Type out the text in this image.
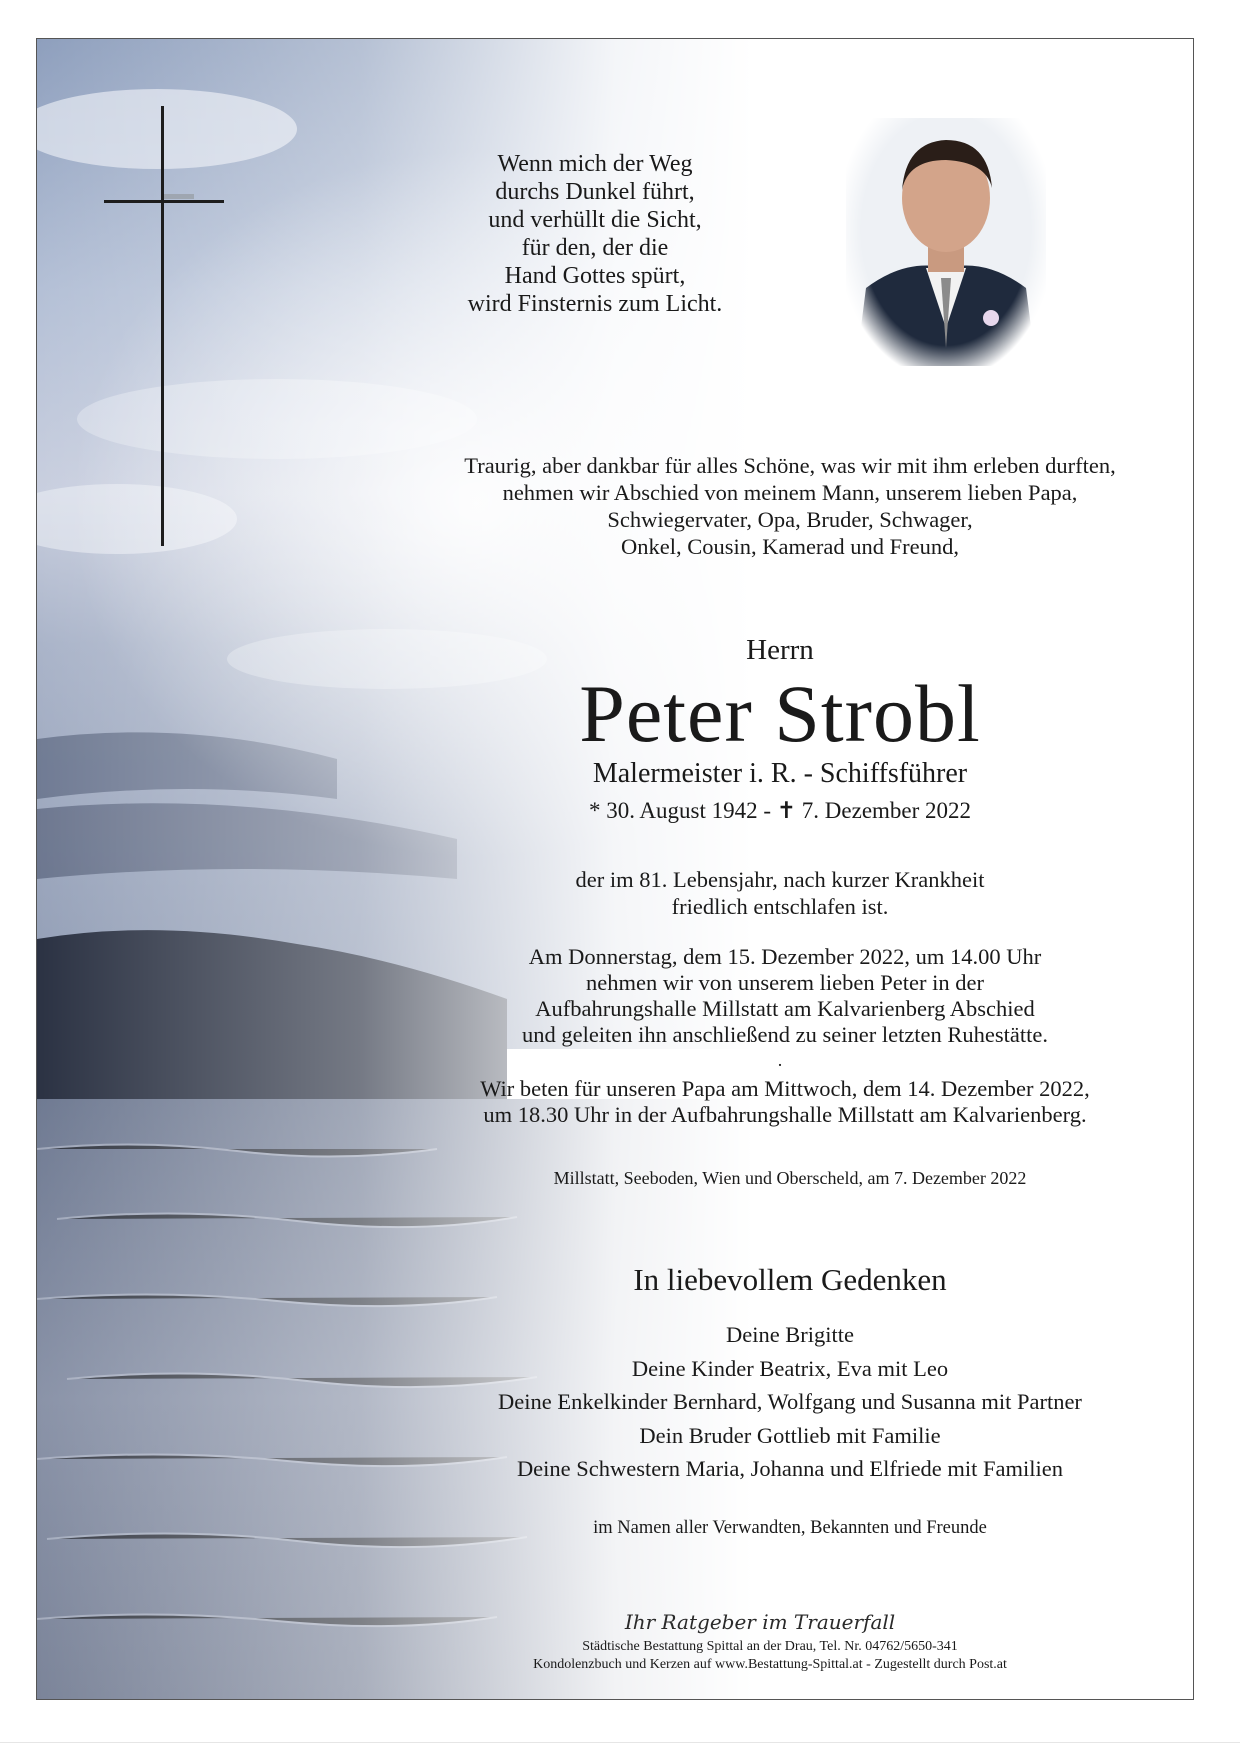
Wenn mich der Weg
durchs Dunkel führt,
und verhüllt die Sicht,
für den, der die
Hand Gottes spürt,
wird Finsternis zum Licht.
Traurig, aber dankbar für alles Schöne, was wir mit ihm erleben durften,
nehmen wir Abschied von meinem Mann, unserem lieben Papa,
Schwiegervater, Opa, Bruder, Schwager,
Onkel, Cousin, Kamerad und Freund,
Herrn
Peter Strobl
Malermeister i. R. - Schiffsführer
* 30. August 1942 - ✝ 7. Dezember 2022
der im 81. Lebensjahr, nach kurzer Krankheit
friedlich entschlafen ist.
Am Donnerstag, dem 15. Dezember 2022, um 14.00 Uhr
nehmen wir von unserem lieben Peter in der
Aufbahrungshalle Millstatt am Kalvarienberg Abschied
und geleiten ihn anschließend zu seiner letzten Ruhestätte.
.
Wir beten für unseren Papa am Mittwoch, dem 14. Dezember 2022,
um 18.30 Uhr in der Aufbahrungshalle Millstatt am Kalvarienberg.
Millstatt, Seeboden, Wien und Oberscheld, am 7. Dezember 2022
In liebevollem Gedenken
Deine Brigitte
Deine Kinder Beatrix, Eva mit Leo
Deine Enkelkinder Bernhard, Wolfgang und Susanna mit Partner
Dein Bruder Gottlieb mit Familie
Deine Schwestern Maria, Johanna und Elfriede mit Familien
im Namen aller Verwandten, Bekannten und Freunde
Ihr Ratgeber im Trauerfall
Städtische Bestattung Spittal an der Drau, Tel. Nr. 04762/5650-341
Kondolenzbuch und Kerzen auf www.Bestattung-Spittal.at - Zugestellt durch Post.at
